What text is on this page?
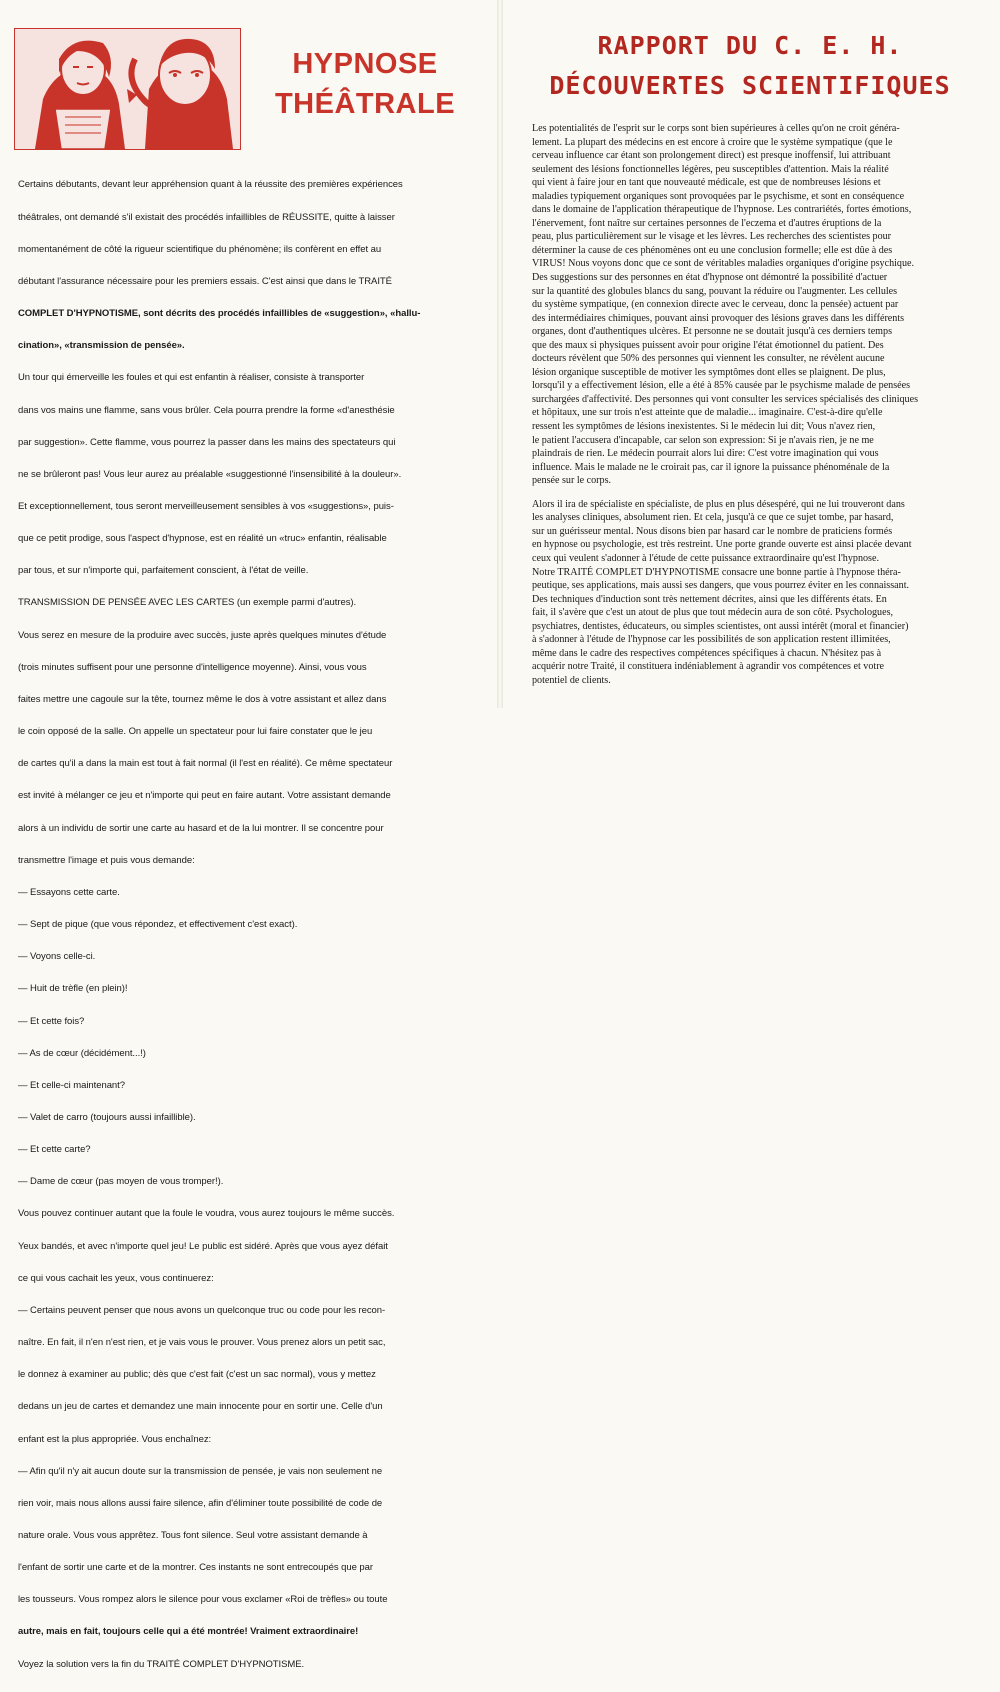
HYPNOSE
THÉÂTRALE

Certains débutants, devant leur appréhension quant à la réussite des premières expériences

théâtrales, ont demandé s'il existait des procédés infaillibles de RÉUSSITE, quitte à laisser

momentanément de côté la rigueur scientifique du phénomène; ils confèrent en effet au

débutant l'assurance nécessaire pour les premiers essais. C'est ainsi que dans le TRAITÉ

COMPLET D'HYPNOTISME, sont décrits des procédés infaillibles de «suggestion», «hallu-

cination», «transmission de pensée».

Un tour qui émerveille les foules et qui est enfantin à réaliser, consiste à transporter

dans vos mains une flamme, sans vous brûler. Cela pourra prendre la forme «d'anesthésie

par suggestion». Cette flamme, vous pourrez la passer dans les mains des spectateurs qui

ne se brûleront pas! Vous leur aurez au préalable «suggestionné l'insensibilité à la douleur».

Et exceptionnellement, tous seront merveilleusement sensibles à vos «suggestions», puis-

que ce petit prodige, sous l'aspect d'hypnose, est en réalité un «truc» enfantin, réalisable

par tous, et sur n'importe qui, parfaitement conscient, à l'état de veille.

TRANSMISSION DE PENSÉE AVEC LES CARTES (un exemple parmi d'autres).

Vous serez en mesure de la produire avec succès, juste après quelques minutes d'étude

(trois minutes suffisent pour une personne d'intelligence moyenne). Ainsi, vous vous

faites mettre une cagoule sur la tête, tournez même le dos à votre assistant et allez dans

le coin opposé de la salle. On appelle un spectateur pour lui faire constater que le jeu

de cartes qu'il a dans la main est tout à fait normal (il l'est en réalité). Ce même spectateur

est invité à mélanger ce jeu et n'importe qui peut en faire autant. Votre assistant demande

alors à un individu de sortir une carte au hasard et de la lui montrer. Il se concentre pour

transmettre l'image et puis vous demande:

— Essayons cette carte.

— Sept de pique (que vous répondez, et effectivement c'est exact).

— Voyons celle-ci.

— Huit de trèfle (en plein)!

— Et cette fois?

— As de cœur (décidément...!)

— Et celle-ci maintenant?

— Valet de carro (toujours aussi infaillible).

— Et cette carte?

— Dame de cœur (pas moyen de vous tromper!).

Vous pouvez continuer autant que la foule le voudra, vous aurez toujours le même succès.

Yeux bandés, et avec n'importe quel jeu! Le public est sidéré. Après que vous ayez défait

ce qui vous cachait les yeux, vous continuerez:

— Certains peuvent penser que nous avons un quelconque truc ou code pour les recon-

naître. En fait, il n'en n'est rien, et je vais vous le prouver. Vous prenez alors un petit sac,

le donnez à examiner au public; dès que c'est fait (c'est un sac normal), vous y mettez

dedans un jeu de cartes et demandez une main innocente pour en sortir une. Celle d'un

enfant est la plus appropriée. Vous enchaînez:

— Afin qu'il n'y ait aucun doute sur la transmission de pensée, je vais non seulement ne

rien voir, mais nous allons aussi faire silence, afin d'éliminer toute possibilité de code de

nature orale. Vous vous apprêtez. Tous font silence. Seul votre assistant demande à

l'enfant de sortir une carte et de la montrer. Ces instants ne sont entrecoupés que par

les tousseurs. Vous rompez alors le silence pour vous exclamer «Roi de trèfles» ou toute

autre, mais en fait, toujours celle qui a été montrée! Vraiment extraordinaire!

Voyez la solution vers la fin du TRAITÉ COMPLET D'HYPNOTISME.

RAPPORT DU C. E. H.
DÉCOUVERTES SCIENTIFIQUES
Les potentialités de l'esprit sur le corps sont bien supérieures à celles qu'on ne croit généra-
lement. La plupart des médecins en est encore à croire que le système sympatique (que le
cerveau influence car étant son prolongement direct) est presque inoffensif, lui attribuant
seulement des lésions fonctionnelles légères, peu susceptibles d'attention. Mais la réalité
qui vient à faire jour en tant que nouveauté médicale, est que de nombreuses lésions et
maladies typiquement organiques sont provoquées par le psychisme, et sont en conséquence
dans le domaine de l'application thérapeutique de l'hypnose. Les contrariétés, fortes émotions,
l'énervement, font naître sur certaines personnes de l'eczema et d'autres éruptions de la
peau, plus particulièrement sur le visage et les lèvres. Les recherches des scientistes pour
déterminer la cause de ces phénomènes ont eu une conclusion formelle; elle est dûe à des
VIRUS! Nous voyons donc que ce sont de véritables maladies organiques d'origine psychique.
Des suggestions sur des personnes en état d'hypnose ont démontré la possibilité d'actuer
sur la quantité des globules blancs du sang, pouvant la réduire ou l'augmenter. Les cellules
du système sympatique, (en connexion directe avec le cerveau, donc la pensée) actuent par
des intermédiaires chimiques, pouvant ainsi provoquer des lésions graves dans les différents
organes, dont d'authentiques ulcères. Et personne ne se doutait jusqu'à ces derniers temps
que des maux si physiques puissent avoir pour origine l'état émotionnel du patient. Des
docteurs révèlent que 50% des personnes qui viennent les consulter, ne révèlent aucune
lésion organique susceptible de motiver les symptômes dont elles se plaignent. De plus,
lorsqu'il y a effectivement lésion, elle a été à 85% causée par le psychisme malade de pensées
surchargées d'affectivité. Des personnes qui vont consulter les services spécialisés des cliniques
et hôpitaux, une sur trois n'est atteinte que de maladie... imaginaire. C'est-à-dire qu'elle
ressent les symptômes de lésions inexistentes. Si le médecin lui dit; Vous n'avez rien,
le patient l'accusera d'incapable, car selon son expression: Si je n'avais rien, je ne me
plaindrais de rien. Le médecin pourrait alors lui dire: C'est votre imagination qui vous
influence. Mais le malade ne le croirait pas, car il ignore la puissance phénoménale de la
pensée sur le corps.
Alors il ira de spécialiste en spécialiste, de plus en plus désespéré, qui ne lui trouveront dans
les analyses cliniques, absolument rien. Et cela, jusqu'à ce que ce sujet tombe, par hasard,
sur un guérisseur mental. Nous disons bien par hasard car le nombre de praticiens formés
en hypnose ou psychologie, est très restreint. Une porte grande ouverte est ainsi placée devant
ceux qui veulent s'adonner à l'étude de cette puissance extraordinaire qu'est l'hypnose.
Notre TRAITÉ COMPLET D'HYPNOTISME consacre une bonne partie à l'hypnose théra-
peutique, ses applications, mais aussi ses dangers, que vous pourrez éviter en les connaissant.
Des techniques d'induction sont très nettement décrites, ainsi que les différents états. En
fait, il s'avère que c'est un atout de plus que tout médecin aura de son côté. Psychologues,
psychiatres, dentistes, éducateurs, ou simples scientistes, ont aussi intérêt (moral et financier)
à s'adonner à l'étude de l'hypnose car les possibilités de son application restent illimitées,
même dans le cadre des respectives compétences spécifiques à chacun. N'hésitez pas à
acquérir notre Traité, il constituera indéniablement à agrandir vos compétences et votre
potentiel de clients.
